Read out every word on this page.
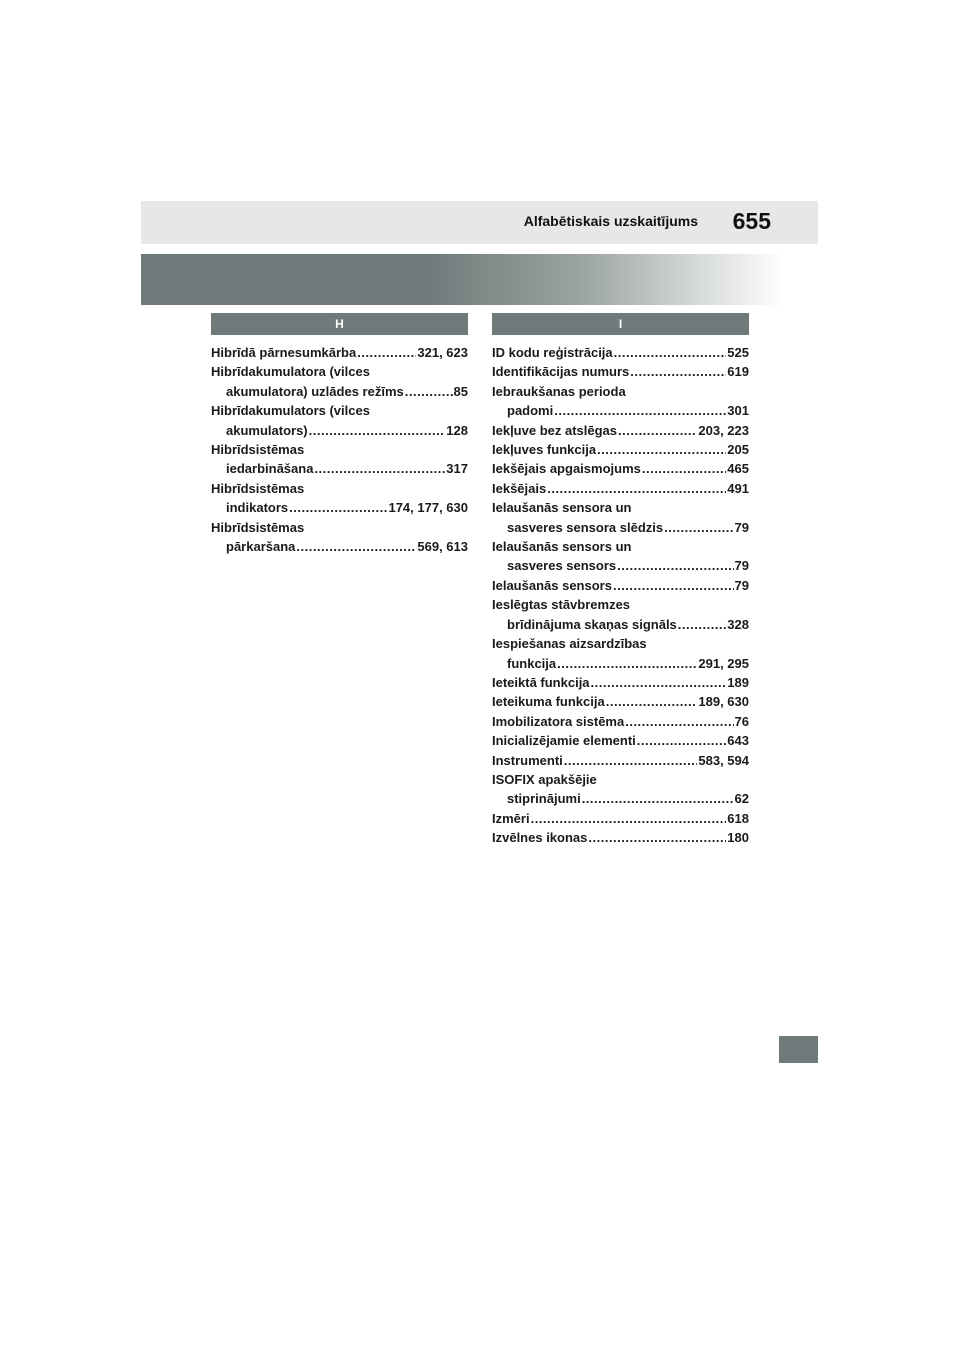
Alfabētiskais uzskaitījums 655
H
Hibrīdā pārnesumkārba .....	321, 623
Hibrīdakumulatora (vilces
akumulatora) uzlādes režīms .....	85
Hibrīdakumulators (vilces
akumulators) .....	128
Hibrīdsistēmas
iedarbināšana .....	317
Hibrīdsistēmas
indikators .....	174, 177, 630
Hibrīdsistēmas
pārkaršana .....	569, 613
I
ID kodu reģistrācija .....	525
Identifikācijas numurs .....	619
Iebraukšanas perioda
padomi .....	301
Iekļuve bez atslēgas .....	203, 223
Iekļuves funkcija .....	205
Iekšējais apgaismojums .....	465
Iekšējais .....	491
Ielaušanās sensora un
sasveres sensora slēdzis .....	79
Ielaušanās sensors un
sasveres sensors .....	79
Ielaušanās sensors .....	79
Ieslēgtas stāvbremzes
brīdinājuma skaņas signāls .....	328
Iespiešanas aizsardzības
funkcija .....	291, 295
Ieteiktā funkcija .....	189
Ieteikuma funkcija .....	189, 630
Imobilizatora sistēma .....	76
Inicializējamie elementi .....	643
Instrumenti .....	583, 594
ISOFIX apakšējie
stiprinājumi .....	62
Izmēri .....	618
Izvēlnes ikonas .....	180
